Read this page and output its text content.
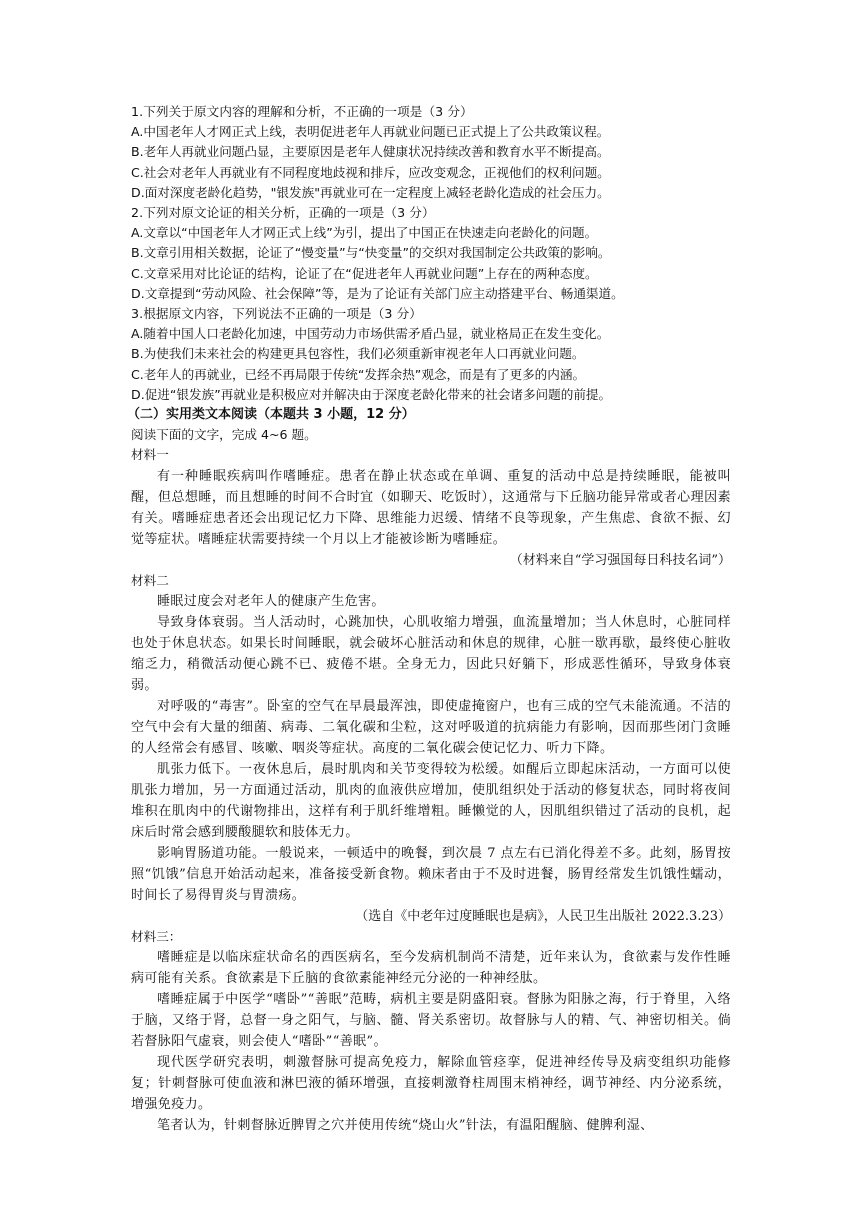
1.下列关于原文内容的理解和分析，不正确的一项是（3 分）
A.中国老年人才网正式上线，表明促进老年人再就业问题已正式提上了公共政策议程。
B.老年人再就业问题凸显，主要原因是老年人健康状况持续改善和教育水平不断提高。
C.社会对老年人再就业有不同程度地歧视和排斥，应改变观念，正视他们的权利问题。
D.面对深度老龄化趋势，"银发族"再就业可在一定程度上减轻老龄化造成的社会压力。
2.下列对原文论证的相关分析，正确的一项是（3 分）
A.文章以“中国老年人才网正式上线”为引，提出了中国正在快速走向老龄化的问题。
B.文章引用相关数据，论证了“慢变量”与“快变量”的交织对我国制定公共政策的影响。
C.文章采用对比论证的结构，论证了在“促进老年人再就业问题”上存在的两种态度。
D.文章提到“劳动风险、社会保障”等，是为了论证有关部门应主动搭建平台、畅通渠道。
3.根据原文内容，下列说法不正确的一项是（3 分）
A.随着中国人口老龄化加速，中国劳动力市场供需矛盾凸显，就业格局正在发生变化。
B.为使我们未来社会的构建更具包容性，我们必须重新审视老年人口再就业问题。
C.老年人的再就业，已经不再局限于传统“发挥余热”观念，而是有了更多的内涵。
D.促进“银发族”再就业是积极应对并解决由于深度老龄化带来的社会诸多问题的前提。
（二）实用类文本阅读（本题共 3 小题，12 分）
阅读下面的文字，完成 4~6 题。
材料一

有一种睡眠疾病叫作嗜睡症。患者在静止状态或在单调、重复的活动中总是持续睡眠，能被叫醒，但总想睡，而且想睡的时间不合时宜（如聊天、吃饭时），这通常与下丘脑功能异常或者心理因素有关。嗜睡症患者还会出现记忆力下降、思维能力迟缓、情绪不良等现象，产生焦虑、食欲不振、幻觉等症状。嗜睡症状需要持续一个月以上才能被诊断为嗜睡症。

（材料来自“学习强国每日科技名词”）

材料二

睡眠过度会对老年人的健康产生危害。

导致身体衰弱。当人活动时，心跳加快，心肌收缩力增强，血流量增加；当人休息时，心脏同样也处于休息状态。如果长时间睡眠，就会破坏心脏活动和休息的规律，心脏一歇再歇，最终使心脏收缩乏力，稍微活动便心跳不已、疲倦不堪。全身无力，因此只好躺下，形成恶性循环，导致身体衰弱。

对呼吸的“毒害”。卧室的空气在早晨最浑浊，即使虚掩窗户，也有三成的空气未能流通。不洁的空气中会有大量的细菌、病毒、二氧化碳和尘粒，这对呼吸道的抗病能力有影响，因而那些闭门贪睡的人经常会有感冒、咳嗽、咽炎等症状。高度的二氧化碳会使记忆力、听力下降。

肌张力低下。一夜休息后，晨时肌肉和关节变得较为松缓。如醒后立即起床活动，一方面可以使肌张力增加，另一方面通过活动，肌肉的血液供应增加，使肌组织处于活动的修复状态，同时将夜间堆积在肌肉中的代谢物排出，这样有利于肌纤维增粗。睡懒觉的人，因肌组织错过了活动的良机，起床后时常会感到腰酸腿软和肢体无力。

影响胃肠道功能。一般说来，一顿适中的晚餐，到次晨 7 点左右已消化得差不多。此刻，肠胃按照“饥饿”信息开始活动起来，准备接受新食物。赖床者由于不及时进餐，肠胃经常发生饥饿性蠕动，时间长了易得胃炎与胃溃疡。

（选自《中老年过度睡眠也是病》，人民卫生出版社 2022.3.23）

材料三：

嗜睡症是以临床症状命名的西医病名，至今发病机制尚不清楚，近年来认为，食欲素与发作性睡病可能有关系。食欲素是下丘脑的食欲素能神经元分泌的一种神经肽。

嗜睡症属于中医学“嗜卧”“善眠”范畴，病机主要是阴盛阳衰。督脉为阳脉之海，行于脊里，入络于脑，又络于肾，总督一身之阳气，与脑、髓、肾关系密切。故督脉与人的精、气、神密切相关。倘若督脉阳气虚衰，则会使人“嗜卧”“善眠”。

现代医学研究表明，刺激督脉可提高免疫力，解除血管痉挛，促进神经传导及病变组织功能修复；针刺督脉可使血液和淋巴液的循环增强，直接刺激脊柱周围末梢神经，调节神经、内分泌系统，增强免疫力。

笔者认为，针刺督脉近脾胃之穴并使用传统“烧山火”针法，有温阳醒脑、健脾利湿、
